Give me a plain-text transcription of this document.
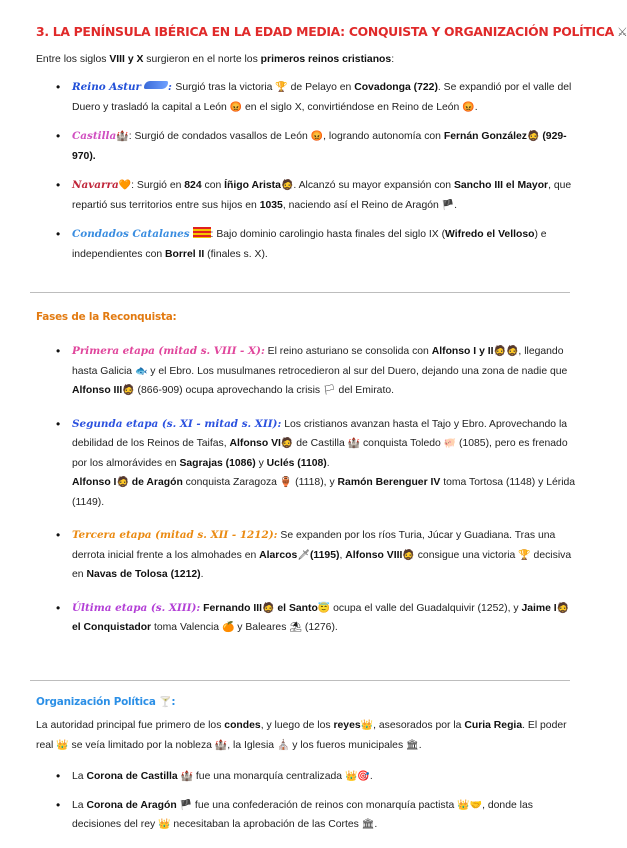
3. LA PENÍNSULA IBÉRICA EN LA EDAD MEDIA: CONQUISTA Y ORGANIZACIÓN POLÍTICA ⚔

Entre los siglos VIII y X surgieron en el norte los primeros reinos cristianos:

• Reino Astur	: Surgió tras la victoria 🏆 de Pelayo en Covadonga (722). Se expandió por el valle del Duero y trasladó la capital a León 😡 en el siglo X, convirtiéndose en Reino de León 😡.
• Castilla🏰: Surgió de condados vasallos de León 😡, logrando autonomía con Fernán González🧔 (929-970).
• Navarra🧡: Surgió en 824 con Íñigo Arista🧔. Alcanzó su mayor expansión con Sancho III el Mayor, que repartió sus territorios entre sus hijos en 1035, naciendo así el Reino de Aragón 🏴.
• Condados Catalanes : Bajo dominio carolingio hasta finales del siglo IX (Wifredo el Velloso) e independientes con Borrel II (finales s. X).

Fases de la Reconquista:

• Primera etapa (mitad s. VIII - X): El reino asturiano se consolida con Alfonso I y II🧔🧔, llegando hasta Galicia 🐟 y el Ebro. Los musulmanes retrocedieron al sur del Duero, dejando una zona de nadie que Alfonso III🧔 (866-909) ocupa aprovechando la crisis 🏳 del Emirato.
• Segunda etapa (s. XI - mitad s. XII): Los cristianos avanzan hasta el Tajo y Ebro. Aprovechando la debilidad de los Reinos de Taifas, Alfonso VI🧔 de Castilla 🏰 conquista Toledo 🐖 (1085), pero es frenado por los almorávides en Sagrajas (1086) y Uclés (1108).
Alfonso I🧔 de Aragón conquista Zaragoza 🏺 (1118), y Ramón Berenguer IV toma Tortosa (1148) y Lérida (1149).
• Tercera etapa (mitad s. XII - 1212): Se expanden por los ríos Turia, Júcar y Guadiana. Tras una derrota inicial frente a los almohades en Alarcos🗡(1195), Alfonso VIII🧔 consigue una victoria 🏆 decisiva en Navas de Tolosa (1212).
• Última etapa (s. XIII): Fernando III🧔 el Santo😇 ocupa el valle del Guadalquivir (1252), y Jaime I🧔 el Conquistador toma Valencia 🍊 y Baleares ⛱ (1276).

Organización Política 🍸:

La autoridad principal fue primero de los condes, y luego de los reyes👑, asesorados por la Curia Regia. El poder real 👑 se veía limitado por la nobleza 🏰, la Iglesia ⛪ y los fueros municipales 🏛.

• La Corona de Castilla 🏰 fue una monarquía centralizada 👑🎯.
• La Corona de Aragón 🏴 fue una confederación de reinos con monarquía pactista 👑🤝, donde las decisiones del rey 👑 necesitaban la aprobación de las Cortes 🏛.
